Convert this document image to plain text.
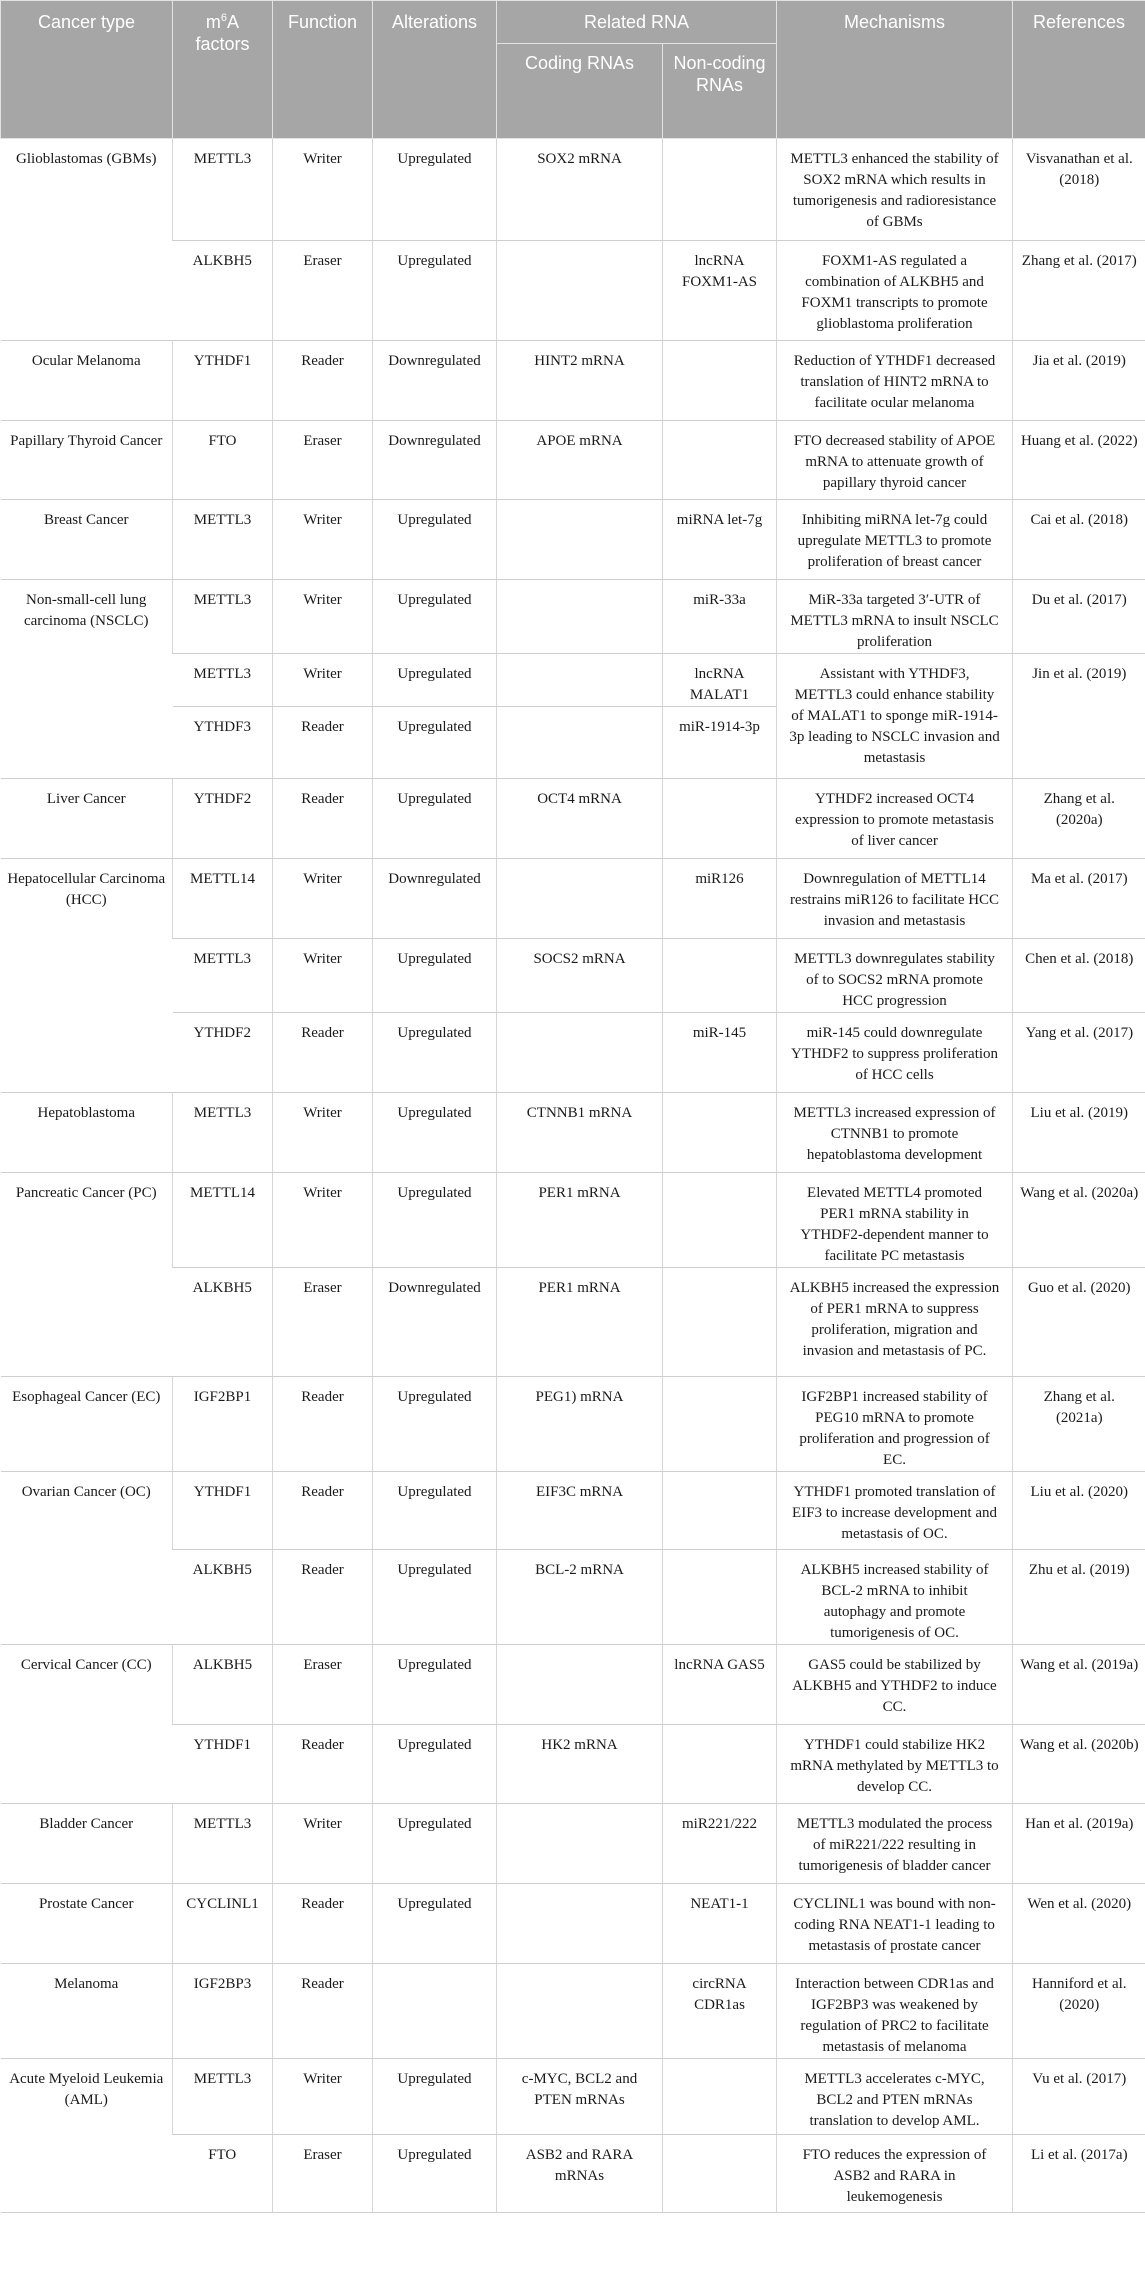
Cancer type	$m^6A$ factors	Function	Alterations	Related RNA		Mechanisms	References
				Coding RNAs	Non-coding RNAs		
Glioblastomas (GBMs)	METTL3	Writer	Upregulated	SOX2 mRNA		METTL3 enhanced the stability of SOX2 mRNA which results in tumorigenesis and radioresistance of GBMs	Visvanathan et al. (2018)
	ALKBH5	Eraser	Upregulated		lncRNA FOXM1-AS	FOXM1-AS regulated a combination of ALKBH5 and FOXM1 transcripts to promote glioblastoma proliferation	Zhang et al. (2017)
Ocular Melanoma	YTHDF1	Reader	Downregulated	HINT2 mRNA		Reduction of YTHDF1 decreased translation of HINT2 mRNA to facilitate ocular melanoma	Jia et al. (2019)
Papillary Thyroid Cancer	FTO	Eraser	Downregulated	APOE mRNA		FTO decreased stability of APOE mRNA to attenuate growth of papillary thyroid cancer	Huang et al. (2022)
Breast Cancer	METTL3	Writer	Upregulated		miRNA let-7g	Inhibiting miRNA let-7g could upregulate METTL3 to promote proliferation of breast cancer	Cai et al. (2018)
Non-small-cell lung carcinoma (NSCLC)	METTL3	Writer	Upregulated		miR-33a	MiR-33a targeted 3′-UTR of METTL3 mRNA to insult NSCLC proliferation	Du et al. (2017)
	METTL3	Writer	Upregulated		lncRNA MALAT1	Assistant with YTHDF3, METTL3 could enhance stability of MALAT1 to sponge miR-1914-3p leading to NSCLC invasion and metastasis	Jin et al. (2019)
	YTHDF3	Reader	Upregulated		miR-1914-3p		
Liver Cancer	YTHDF2	Reader	Upregulated	OCT4 mRNA		YTHDF2 increased OCT4 expression to promote metastasis of liver cancer	Zhang et al. (2020a)
Hepatocellular Carcinoma (HCC)	METTL14	Writer	Downregulated		miR126	Downregulation of METTL14 restrains miR126 to facilitate HCC invasion and metastasis	Ma et al. (2017)
	METTL3	Writer	Upregulated	SOCS2 mRNA		METTL3 downregulates stability of to SOCS2 mRNA promote HCC progression	Chen et al. (2018)
	YTHDF2	Reader	Upregulated		miR-145	miR-145 could downregulate YTHDF2 to suppress proliferation of HCC cells	Yang et al. (2017)
Hepatoblastoma	METTL3	Writer	Upregulated	CTNNB1 mRNA		METTL3 increased expression of CTNNB1 to promote hepatoblastoma development	Liu et al. (2019)
Pancreatic Cancer (PC)	METTL14	Writer	Upregulated	PER1 mRNA		Elevated METTL4 promoted PER1 mRNA stability in YTHDF2-dependent manner to facilitate PC metastasis	Wang et al. (2020a)
	ALKBH5	Eraser	Downregulated	PER1 mRNA		ALKBH5 increased the expression of PER1 mRNA to suppress proliferation, migration and invasion and metastasis of PC.	Guo et al. (2020)
Esophageal Cancer (EC)	IGF2BP1	Reader	Upregulated	PEG1) mRNA		IGF2BP1 increased stability of PEG10 mRNA to promote proliferation and progression of EC.	Zhang et al. (2021a)
Ovarian Cancer (OC)	YTHDF1	Reader	Upregulated	EIF3C mRNA		YTHDF1 promoted translation of EIF3 to increase development and metastasis of OC.	Liu et al. (2020)
	ALKBH5	Reader	Upregulated	BCL-2 mRNA		ALKBH5 increased stability of BCL-2 mRNA to inhibit autophagy and promote tumorigenesis of OC.	Zhu et al. (2019)
Cervical Cancer (CC)	ALKBH5	Eraser	Upregulated		lncRNA GAS5	GAS5 could be stabilized by ALKBH5 and YTHDF2 to induce CC.	Wang et al. (2019a)
	YTHDF1	Reader	Upregulated	HK2 mRNA		YTHDF1 could stabilize HK2 mRNA methylated by METTL3 to develop CC.	Wang et al. (2020b)
Bladder Cancer	METTL3	Writer	Upregulated		miR221/222	METTL3 modulated the process of miR221/222 resulting in tumorigenesis of bladder cancer	Han et al. (2019a)
Prostate Cancer	CYCLINL1	Reader	Upregulated		NEAT1-1	CYCLINL1 was bound with non-coding RNA NEAT1-1 leading to metastasis of prostate cancer	Wen et al. (2020)
Melanoma	IGF2BP3	Reader			circRNA CDR1as	Interaction between CDR1as and IGF2BP3 was weakened by regulation of PRC2 to facilitate metastasis of melanoma	Hanniford et al. (2020)
Acute Myeloid Leukemia (AML)	METTL3	Writer	Upregulated	c-MYC, BCL2 and PTEN mRNAs		METTL3 accelerates c-MYC, BCL2 and PTEN mRNAs translation to develop AML.	Vu et al. (2017)
	FTO	Eraser	Upregulated	ASB2 and RARA mRNAs		FTO reduces the expression of ASB2 and RARA in leukemogenesis	Li et al. (2017a)
